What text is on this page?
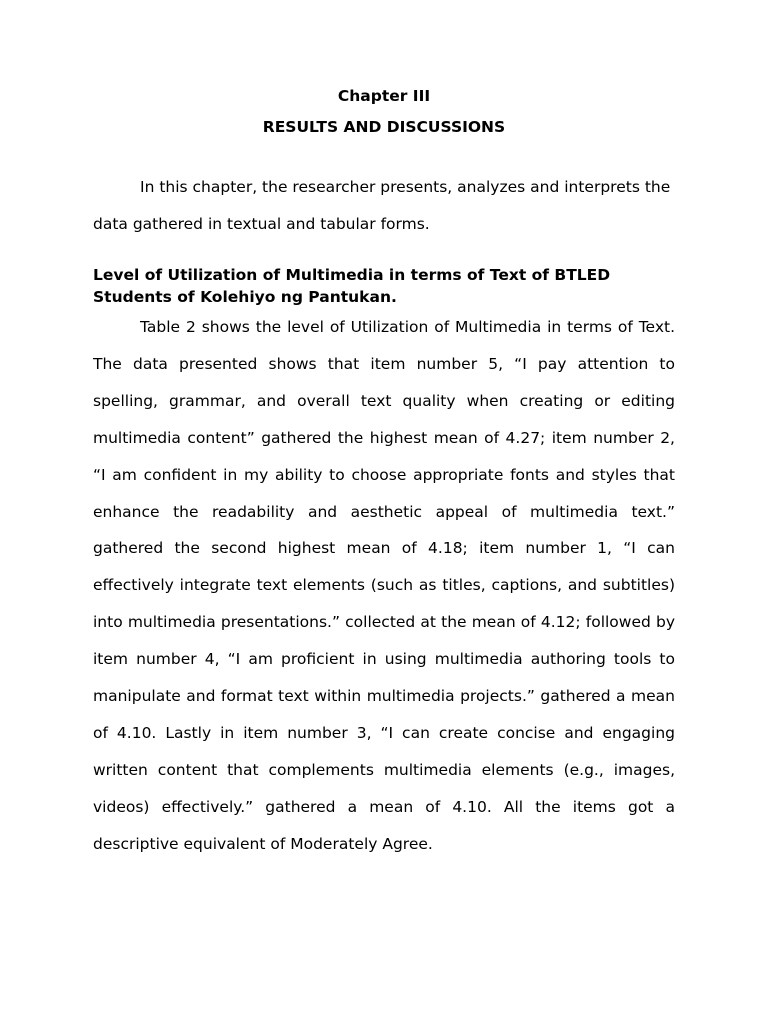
Chapter III
RESULTS AND DISCUSSIONS

In this chapter, the researcher presents, analyzes and interprets the data gathered in textual and tabular forms.

Level of Utilization of Multimedia in terms of Text of BTLED Students of Kolehiyo ng Pantukan.

Table 2 shows the level of Utilization of Multimedia in terms of Text. The data presented shows that item number 5, “I pay attention to spelling, grammar, and overall text quality when creating or editing multimedia content” gathered the highest mean of 4.27; item number 2, “I am confident in my ability to choose appropriate fonts and styles that enhance the readability and aesthetic appeal of multimedia text.” gathered the second highest mean of 4.18; item number 1, “I can effectively integrate text elements (such as titles, captions, and subtitles) into multimedia presentations.” collected at the mean of 4.12; followed by item number 4, “I am proficient in using multimedia authoring tools to manipulate and format text within multimedia projects.” gathered a mean of 4.10. Lastly in item number 3, “I can create concise and engaging written content that complements multimedia elements (e.g., images, videos) effectively.” gathered a mean of 4.10. All the items got a descriptive equivalent of Moderately Agree.
